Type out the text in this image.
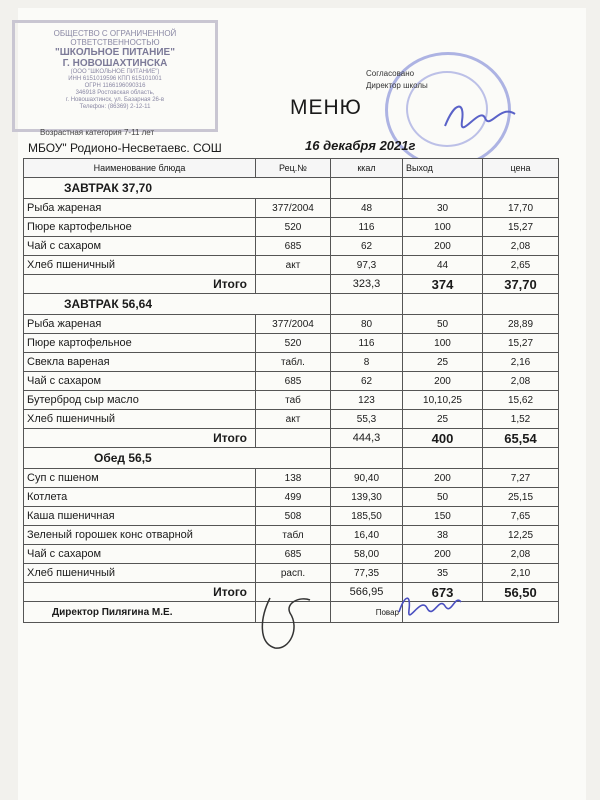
ОБЩЕСТВО С ОГРАНИЧЕННОЙ
ОТВЕТСТВЕННОСТЬЮ
"ШКОЛЬНОЕ ПИТАНИЕ"
Г. НОВОШАХТИНСКА
(ООО "ШКОЛЬНОЕ ПИТАНИЕ")
ИНН 6151019596 КПП 615101001
ОГРН 1166196090316
346918 Ростовская область,
г. Новошахтинск, ул. Базарная 26-в
Телефон: (86369) 2-12-11
Возрастная категория 7-11 лет
Согласовано
Директор школы
МЕНЮ
МБОУ" Родионо-Несветаевс. СОШ	16 декабря 2021г
Наименование блюда	Рец.№	ккал	Выход	цена
ЗАВТРАК 37,70				
Рыба жареная	377/2004	48	30	17,70
Пюре картофельное	520	116	100	15,27
Чай с сахаром	685	62	200	2,08
Хлеб пшеничный	акт	97,3	44	2,65
Итого		323,3	374	37,70
ЗАВТРАК 56,64				
Рыба жареная	377/2004	80	50	28,89
Пюре картофельное	520	116	100	15,27
Свекла вареная	табл.	8	25	2,16
Чай с сахаром	685	62	200	2,08
Бутерброд сыр масло	таб	123	10,10,25	15,62
Хлеб пшеничный	акт	55,3	25	1,52
Итого		444,3	400	65,54
Обед 56,5				
Суп с пшеном	138	90,40	200	7,27
Котлета	499	139,30	50	25,15
Каша пшеничная	508	185,50	150	7,65
Зеленый горошек конс отварной	табл	16,40	38	12,25
Чай с сахаром	685	58,00	200	2,08
Хлеб пшеничный	расп.	77,35	35	2,10
Итого		566,95	673	56,50
Директор Пилягина М.Е.		Повар		
